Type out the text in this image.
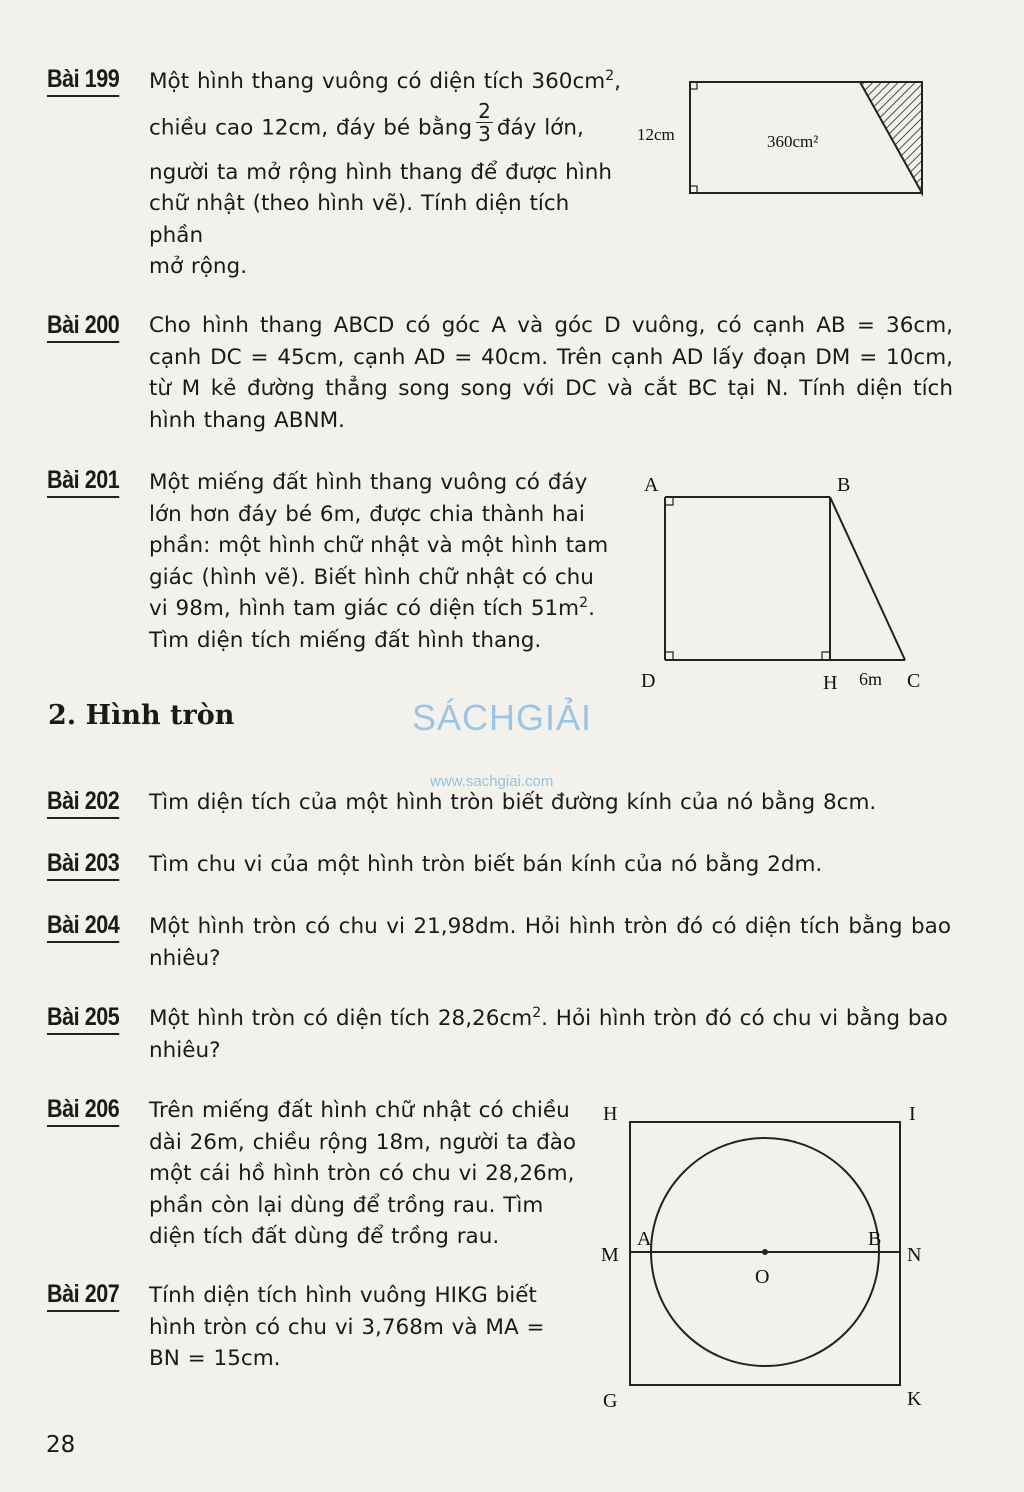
Bài 199 Một hình thang vuông có diện tích $360cm^2$,
chiều cao 12cm, đáy bé bằng $\frac{2}{3}$ đáy lớn,
người ta mở rộng hình thang để được hình
chữ nhật (theo hình vẽ). Tính diện tích phần
mở rộng.
12cm	360cm²
Bài 200 Cho hình thang ABCD có góc A và góc D vuông, có cạnh AB = 36cm,
cạnh DC = 45cm, cạnh AD = 40cm. Trên cạnh AD lấy đoạn DM = 10cm,
từ M kẻ đường thẳng song song với DC và cắt BC tại N. Tính diện tích
hình thang ABNM.
Bài 201 Một miếng đất hình thang vuông có đáy
lớn hơn đáy bé 6m, được chia thành hai
phần: một hình chữ nhật và một hình tam
giác (hình vẽ). Biết hình chữ nhật có chu
vi 98m, hình tam giác có diện tích $51m^2$.
Tìm diện tích miếng đất hình thang.
A	B
D	H 6m C
2. Hình tròn	SÁCHGIẢI
www.sachgiai.com
Bài 202 Tìm diện tích của một hình tròn biết đường kính của nó bằng 8cm.
Bài 203 Tìm chu vi của một hình tròn biết bán kính của nó bằng 2dm.
Bài 204 Một hình tròn có chu vi 21,98dm. Hỏi hình tròn đó có diện tích bằng bao
nhiêu?
Bài 205 Một hình tròn có diện tích $28,26cm^2$. Hỏi hình tròn đó có chu vi bằng bao
nhiêu?
Bài 206 Trên miếng đất hình chữ nhật có chiều
dài 26m, chiều rộng 18m, người ta đào
một cái hồ hình tròn có chu vi 28,26m,
phần còn lại dùng để trồng rau. Tìm
diện tích đất dùng để trồng rau.
Bài 207 Tính diện tích hình vuông HIKG biết
hình tròn có chu vi 3,768m và MA =
BN = 15cm.
H	I
M
A	B
N
O
G	K
28
